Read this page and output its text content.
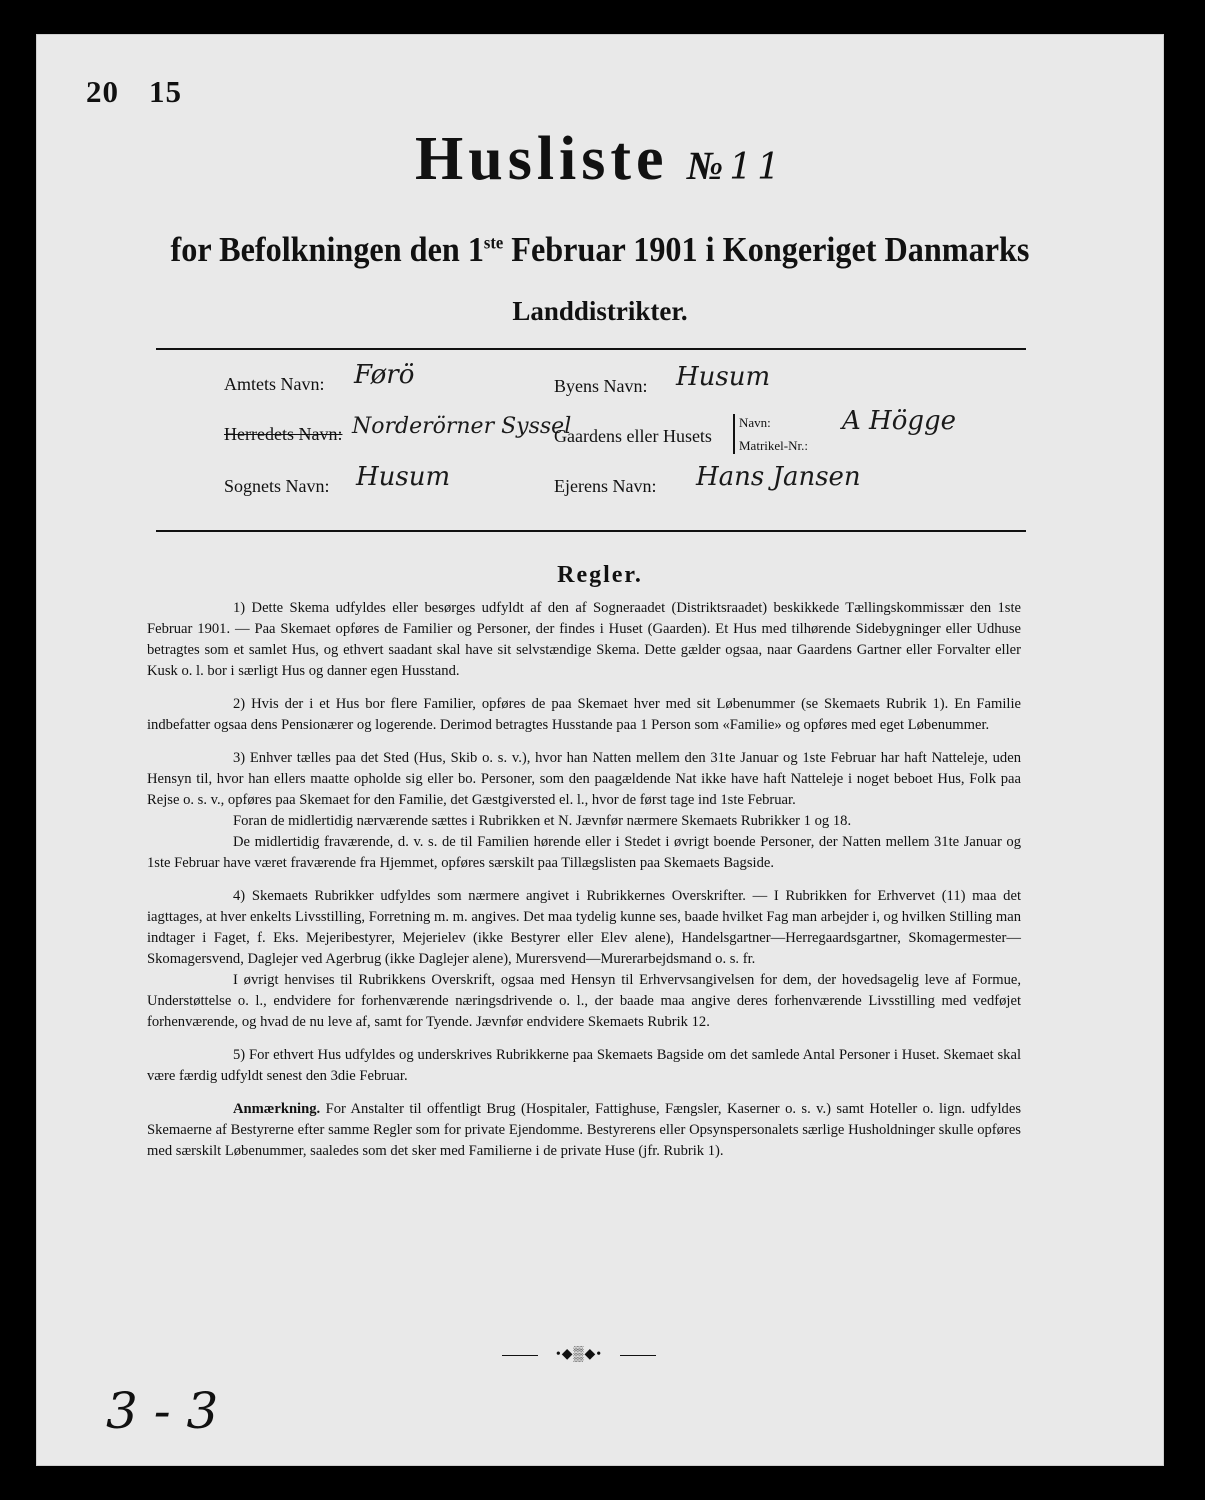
20 15
Husliste № 11
for Befolkningen den 1ste Februar 1901 i Kongeriget Danmarks
Landdistrikter.
Amtets Navn: Førö	Byens Navn: Husum
Herredets Navn: Norderörner Syssel
Gaardens eller Husets
Navn:
Matrikel-Nr.:
A Högge
Sognets Navn: Husum	Ejerens Navn: Hans Jansen
Regler.

1) Dette Skema udfyldes eller besørges udfyldt af den af Sogneraadet (Distriktsraadet) beskikkede Tællingskommissær den 1ste Februar 1901. — Paa Skemaet opføres de Familier og Personer, der findes i Huset (Gaarden). Et Hus med tilhørende Sidebygninger eller Udhuse betragtes som et samlet Hus, og ethvert saadant skal have sit selvstændige Skema. Dette gælder ogsaa, naar Gaardens Gartner eller Forvalter eller Kusk o. l. bor i særligt Hus og danner egen Husstand.

2) Hvis der i et Hus bor flere Familier, opføres de paa Skemaet hver med sit Løbenummer (se Skemaets Rubrik 1). En Familie indbefatter ogsaa dens Pensionærer og logerende. Derimod betragtes Husstande paa 1 Person som «Familie» og opføres med eget Løbenummer.

3) Enhver tælles paa det Sted (Hus, Skib o. s. v.), hvor han Natten mellem den 31te Januar og 1ste Februar har haft Natteleje, uden Hensyn til, hvor han ellers maatte opholde sig eller bo. Personer, som den paagældende Nat ikke have haft Natteleje i noget beboet Hus, Folk paa Rejse o. s. v., opføres paa Skemaet for den Familie, det Gæstgiversted el. l., hvor de først tage ind 1ste Februar.

Foran de midlertidig nærværende sættes i Rubrikken et N. Jævnfør nærmere Skemaets Rubrikker 1 og 18.

De midlertidig fraværende, d. v. s. de til Familien hørende eller i Stedet i øvrigt boende Personer, der Natten mellem 31te Januar og 1ste Februar have været fraværende fra Hjemmet, opføres særskilt paa Tillægslisten paa Skemaets Bagside.

4) Skemaets Rubrikker udfyldes som nærmere angivet i Rubrikkernes Overskrifter. — I Rubrikken for Erhvervet (11) maa det iagttages, at hver enkelts Livsstilling, Forretning m. m. angives. Det maa tydelig kunne ses, baade hvilket Fag man arbejder i, og hvilken Stilling man indtager i Faget, f. Eks. Mejeribestyrer, Mejerielev (ikke Bestyrer eller Elev alene), Handelsgartner—Herregaardsgartner, Skomagermester—Skomagersvend, Daglejer ved Agerbrug (ikke Daglejer alene), Murersvend—Murerarbejdsmand o. s. fr.

I øvrigt henvises til Rubrikkens Overskrift, ogsaa med Hensyn til Erhvervsangivelsen for dem, der hovedsagelig leve af Formue, Understøttelse o. l., endvidere for forhenværende næringsdrivende o. l., der baade maa angive deres forhenværende Livsstilling med vedføjet forhenværende, og hvad de nu leve af, samt for Tyende. Jævnfør endvidere Skemaets Rubrik 12.

5) For ethvert Hus udfyldes og underskrives Rubrikkerne paa Skemaets Bagside om det samlede Antal Personer i Huset. Skemaet skal være færdig udfyldt senest den 3die Februar.

Anmærkning. For Anstalter til offentligt Brug (Hospitaler, Fattighuse, Fængsler, Kaserner o. s. v.) samt Hoteller o. lign. udfyldes Skemaerne af Bestyrerne efter samme Regler som for private Ejendomme. Bestyrerens eller Opsynspersonalets særlige Husholdninger skulle opføres med særskilt Løbenummer, saaledes som det sker med Familierne i de private Huse (jfr. Rubrik 1).

•◆▒◆•
3 - 3
